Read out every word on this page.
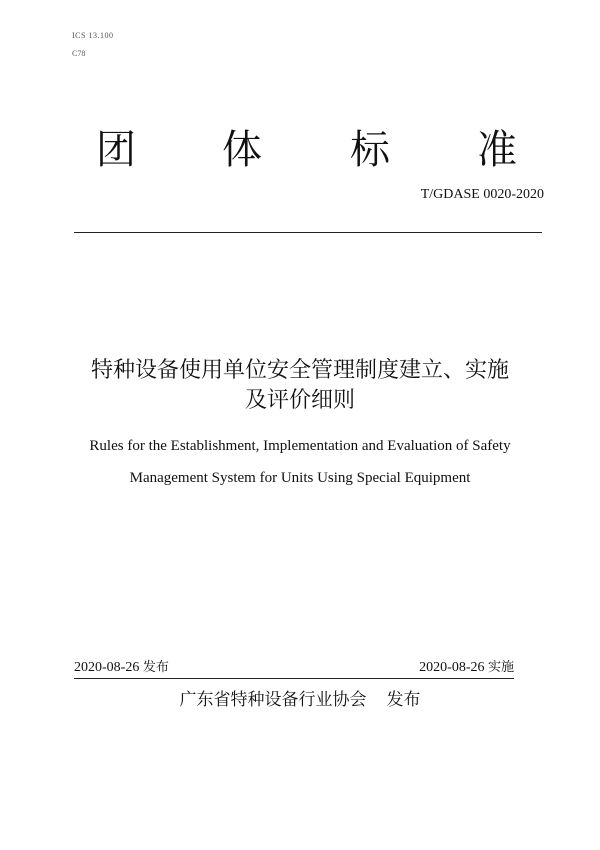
ICS 13.100
C78
团 体 标 准
T/GDASE 0020-2020
特种设备使用单位安全管理制度建立、实施
及评价细则
Rules for the Establishment, Implementation and Evaluation of Safety
Management System for Units Using Special Equipment
2020-08-26 发布	2020-08-26 实施
广东省特种设备行业协会 发布
